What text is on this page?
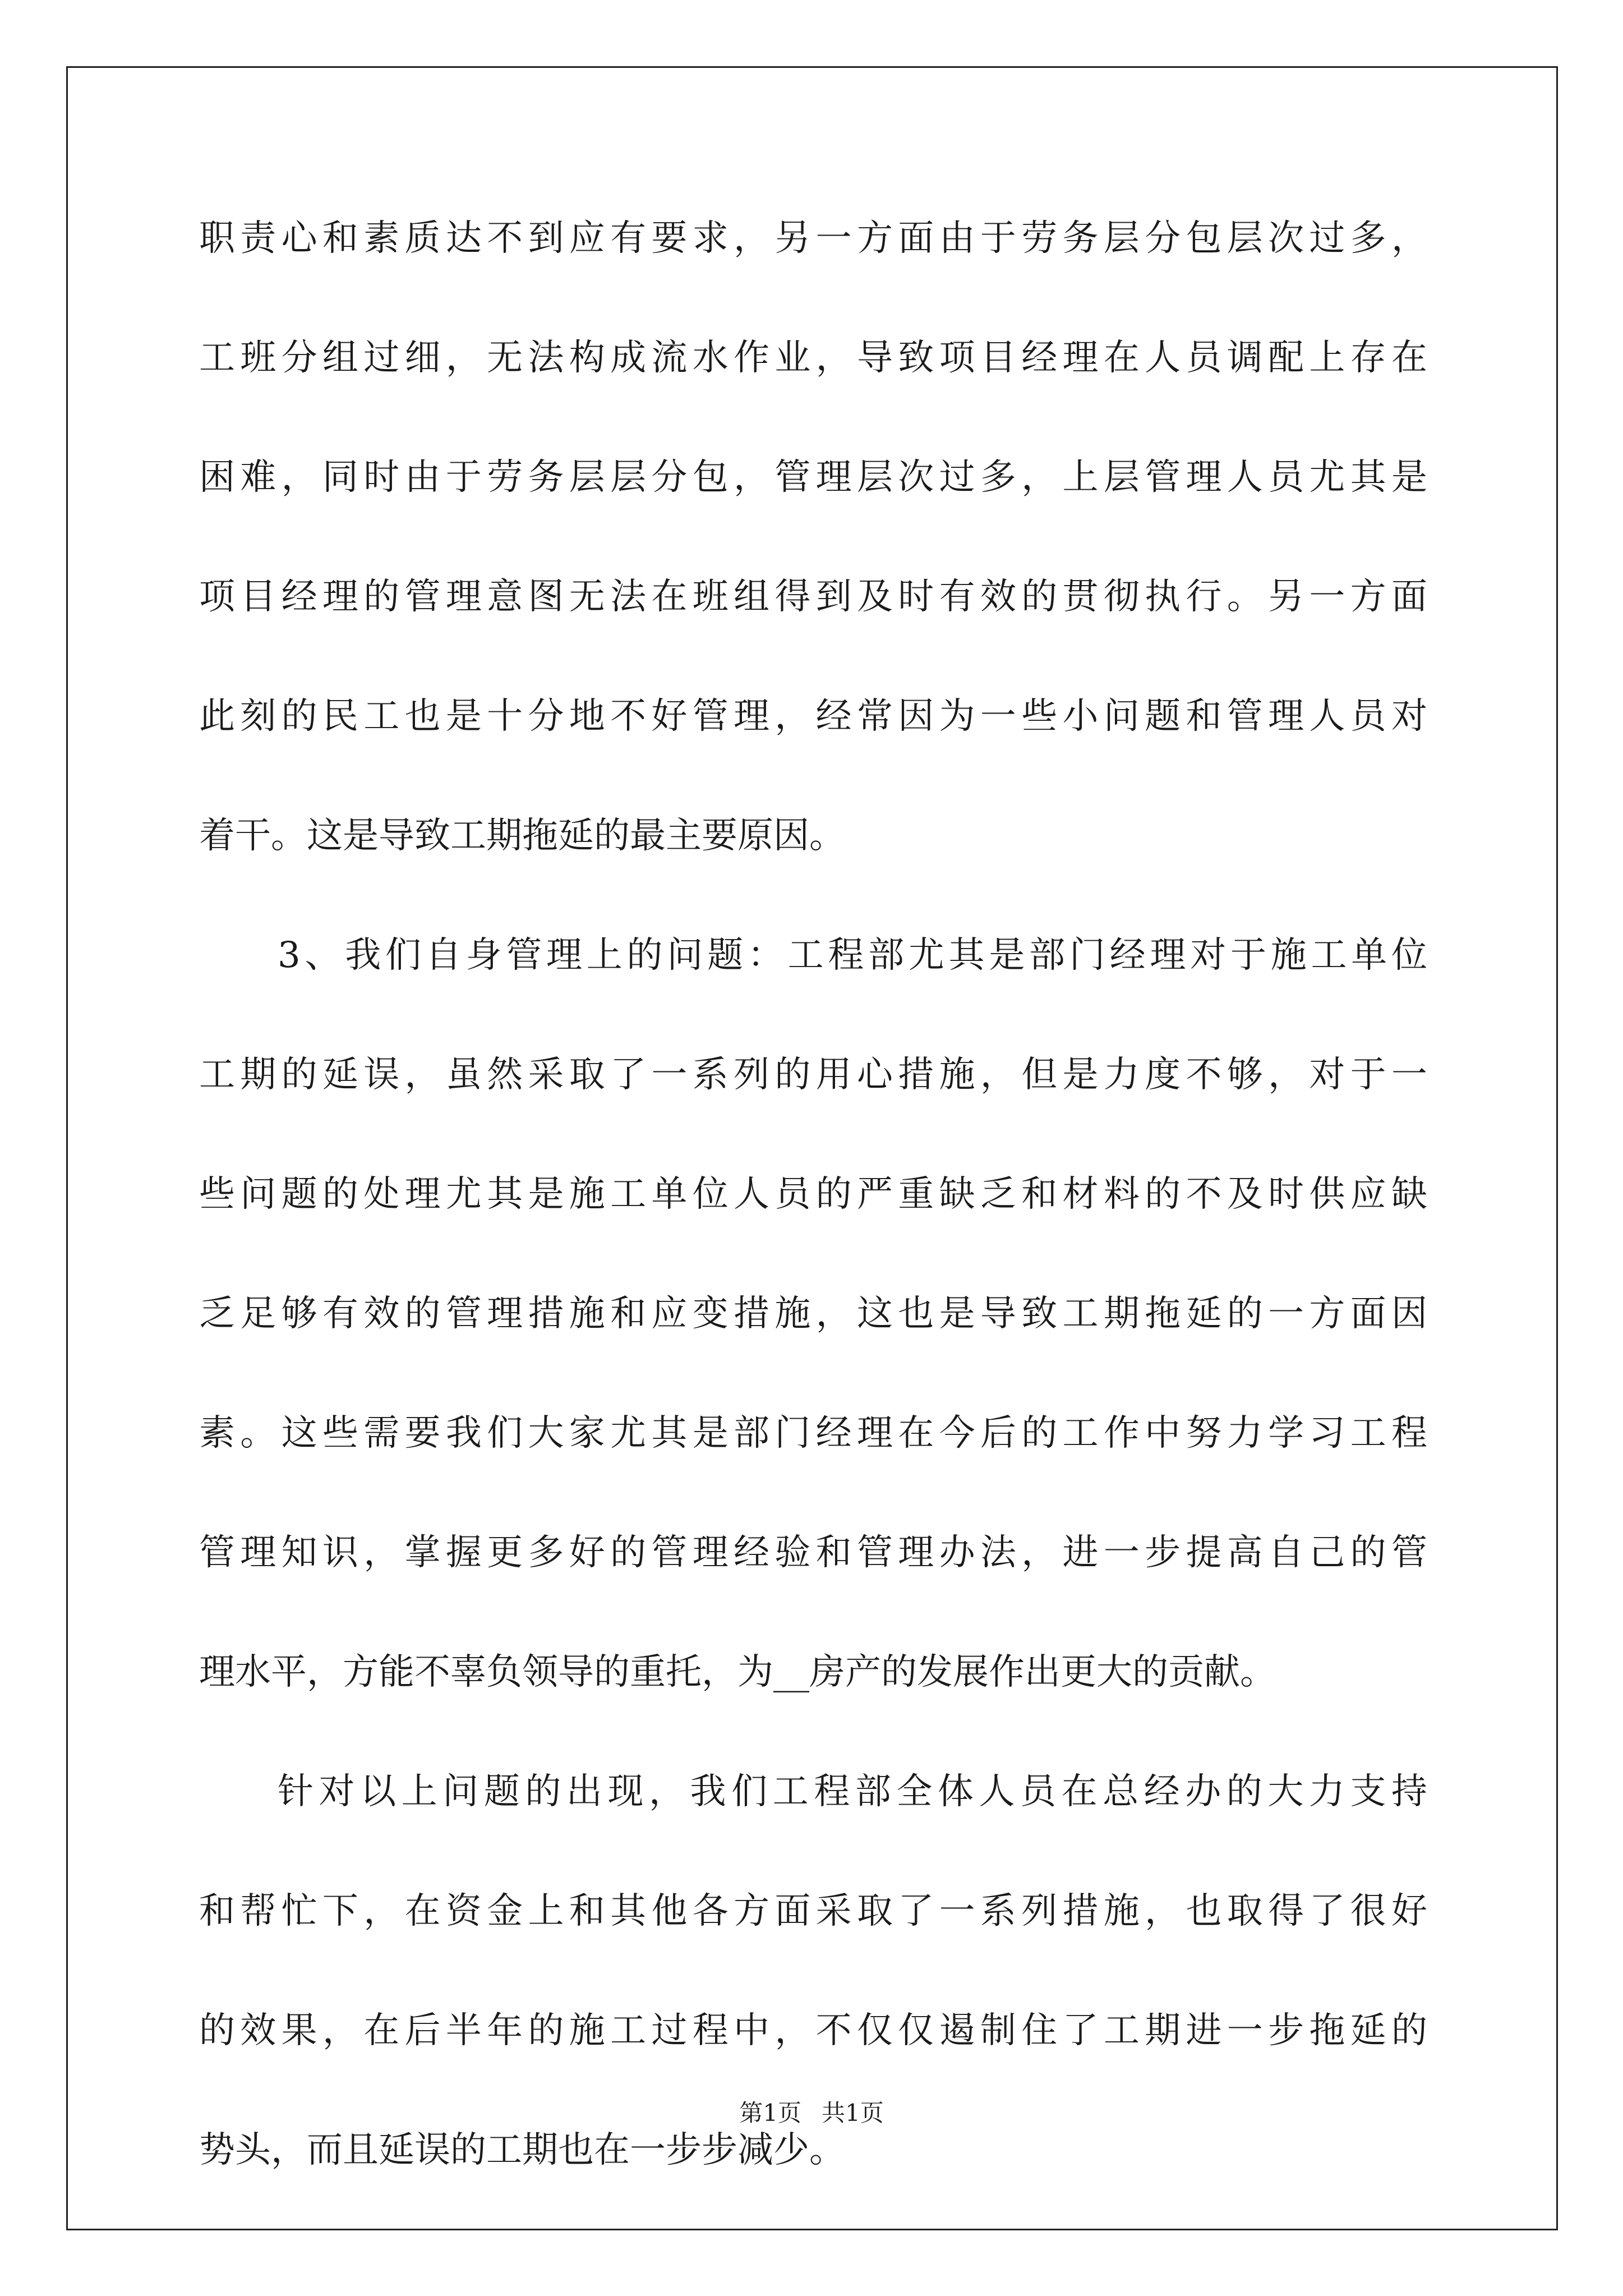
职责心和素质达不到应有要求，另一方面由于劳务层分包层次过多，
工班分组过细，无法构成流水作业，导致项目经理在人员调配上存在
困难，同时由于劳务层层分包，管理层次过多，上层管理人员尤其是
项目经理的管理意图无法在班组得到及时有效的贯彻执行。另一方面
此刻的民工也是十分地不好管理，经常因为一些小问题和管理人员对
着干。这是导致工期拖延的最主要原因。
3、我们自身管理上的问题：工程部尤其是部门经理对于施工单位
工期的延误，虽然采取了一系列的用心措施，但是力度不够，对于一
些问题的处理尤其是施工单位人员的严重缺乏和材料的不及时供应缺
乏足够有效的管理措施和应变措施，这也是导致工期拖延的一方面因
素。这些需要我们大家尤其是部门经理在今后的工作中努力学习工程
管理知识，掌握更多好的管理经验和管理办法，进一步提高自己的管
理水平，方能不辜负领导的重托，为__房产的发展作出更大的贡献。
针对以上问题的出现，我们工程部全体人员在总经办的大力支持
和帮忙下，在资金上和其他各方面采取了一系列措施，也取得了很好
的效果，在后半年的施工过程中，不仅仅遏制住了工期进一步拖延的
势头，而且延误的工期也在一步步减少。
第1页 共1页
